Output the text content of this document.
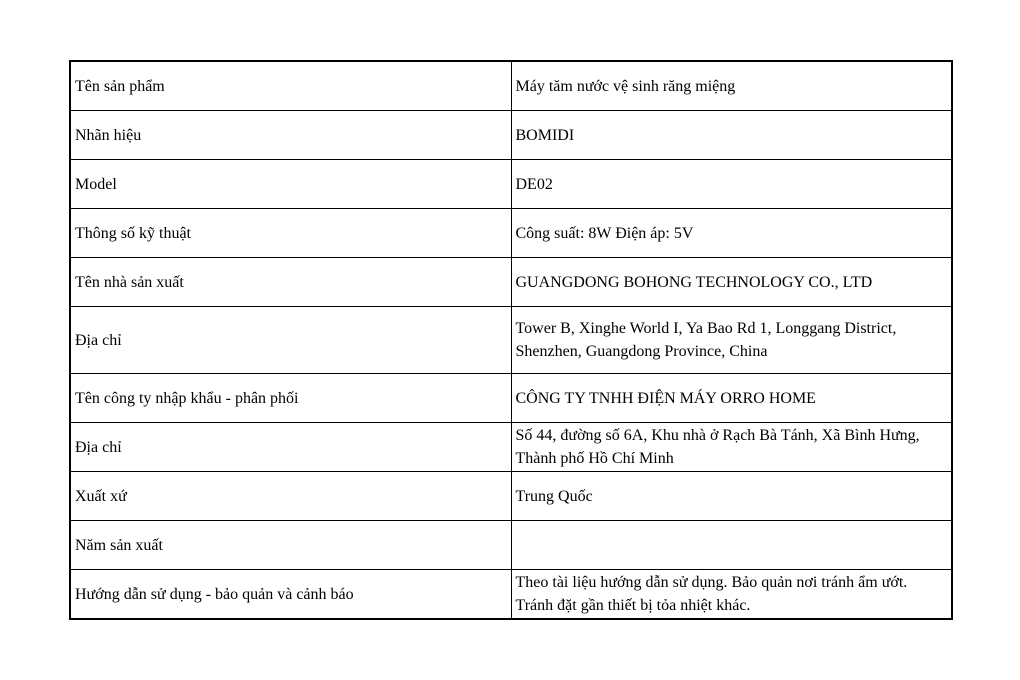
Tên sản phẩm	Máy tăm nước vệ sinh răng miệng
Nhãn hiệu	BOMIDI
Model	DE02
Thông số kỹ thuật	Công suất: 8W Điện áp: 5V
Tên nhà sản xuất	GUANGDONG BOHONG TECHNOLOGY CO., LTD
Địa chỉ	Tower B, Xinghe World I, Ya Bao Rd 1, Longgang District, Shenzhen, Guangdong Province, China
Tên công ty nhập khẩu - phân phối	CÔNG TY TNHH ĐIỆN MÁY ORRO HOME
Địa chỉ	Số 44, đường số 6A, Khu nhà ở Rạch Bà Tánh, Xã Bình Hưng, Thành phố Hồ Chí Minh
Xuất xứ	Trung Quốc
Năm sản xuất	
Hướng dẫn sử dụng - bảo quản và cảnh báo	Theo tài liệu hướng dẫn sử dụng. Bảo quản nơi tránh ẩm ướt. Tránh đặt gần thiết bị tỏa nhiệt khác.
